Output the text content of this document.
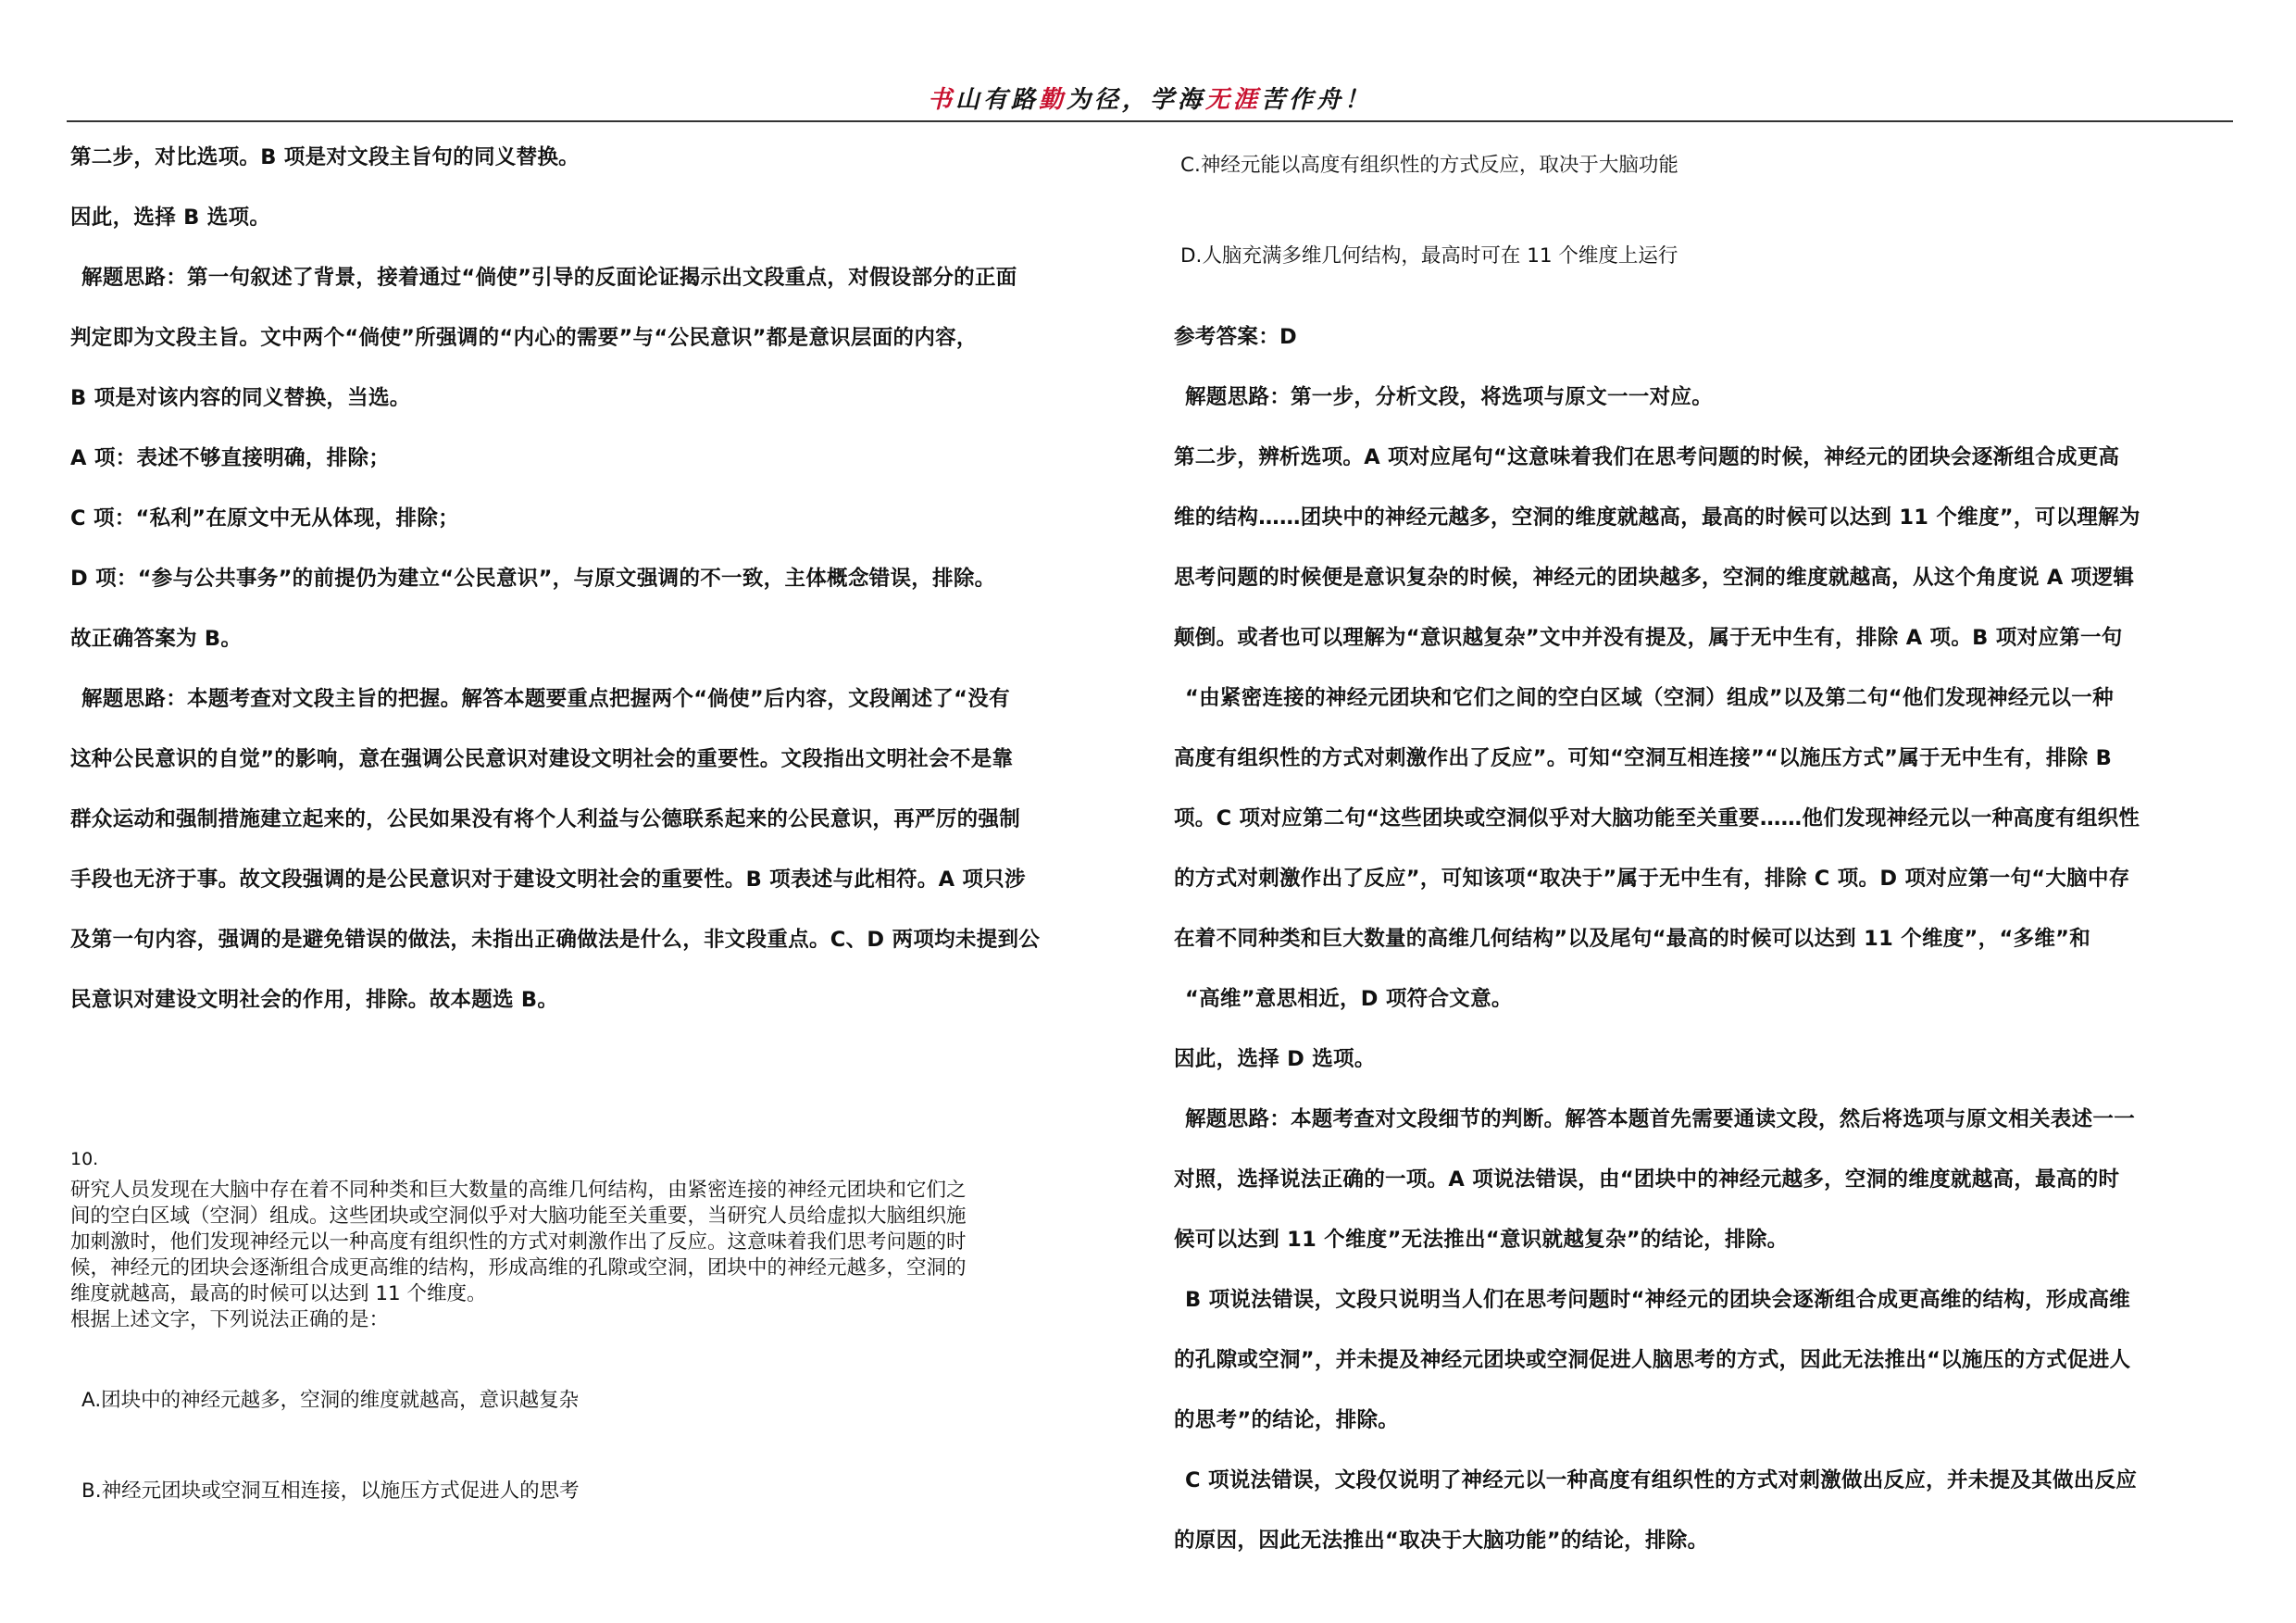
书山有路勤为径，学海无涯苦作舟！

第二步，对比选项。B 项是对文段主旨句的同义替换。

因此，选择 B 选项。

解题思路：第一句叙述了背景，接着通过“倘使”引导的反面论证揭示出文段重点，对假设部分的正面

判定即为文段主旨。文中两个“倘使”所强调的“内心的需要”与“公民意识”都是意识层面的内容，

B 项是对该内容的同义替换，当选。

A 项：表述不够直接明确，排除；

C 项：“私利”在原文中无从体现，排除；

D 项：“参与公共事务”的前提仍为建立“公民意识”，与原文强调的不一致，主体概念错误，排除。

故正确答案为 B。

解题思路：本题考查对文段主旨的把握。解答本题要重点把握两个“倘使”后内容，文段阐述了“没有

这种公民意识的自觉”的影响，意在强调公民意识对建设文明社会的重要性。文段指出文明社会不是靠

群众运动和强制措施建立起来的，公民如果没有将个人利益与公德联系起来的公民意识，再严厉的强制

手段也无济于事。故文段强调的是公民意识对于建设文明社会的重要性。B 项表述与此相符。A 项只涉

及第一句内容，强调的是避免错误的做法，未指出正确做法是什么，非文段重点。C、D 两项均未提到公

民意识对建设文明社会的作用，排除。故本题选 B。

10.

研究人员发现在大脑中存在着不同种类和巨大数量的高维几何结构，由紧密连接的神经元团块和它们之

间的空白区域（空洞）组成。这些团块或空洞似乎对大脑功能至关重要，当研究人员给虚拟大脑组织施

加刺激时，他们发现神经元以一种高度有组织性的方式对刺激作出了反应。这意味着我们思考问题的时

候，神经元的团块会逐渐组合成更高维的结构，形成高维的孔隙或空洞，团块中的神经元越多，空洞的

维度就越高，最高的时候可以达到 11 个维度。

根据上述文字，下列说法正确的是：

A.团块中的神经元越多，空洞的维度就越高，意识越复杂
B.神经元团块或空洞互相连接，以施压方式促进人的思考

C.神经元能以高度有组织性的方式反应，取决于大脑功能

D.人脑充满多维几何结构，最高时可在 11 个维度上运行

参考答案：D

解题思路：第一步，分析文段，将选项与原文一一对应。

第二步，辨析选项。A 项对应尾句“这意味着我们在思考问题的时候，神经元的团块会逐渐组合成更高

维的结构……团块中的神经元越多，空洞的维度就越高，最高的时候可以达到 11 个维度”，可以理解为

思考问题的时候便是意识复杂的时候，神经元的团块越多，空洞的维度就越高，从这个角度说 A 项逻辑

颠倒。或者也可以理解为“意识越复杂”文中并没有提及，属于无中生有，排除 A 项。B 项对应第一句

“由紧密连接的神经元团块和它们之间的空白区域（空洞）组成”以及第二句“他们发现神经元以一种

高度有组织性的方式对刺激作出了反应”。可知“空洞互相连接”“以施压方式”属于无中生有，排除 B

项。C 项对应第二句“这些团块或空洞似乎对大脑功能至关重要……他们发现神经元以一种高度有组织性

的方式对刺激作出了反应”，可知该项“取决于”属于无中生有，排除 C 项。D 项对应第一句“大脑中存

在着不同种类和巨大数量的高维几何结构”以及尾句“最高的时候可以达到 11 个维度”，“多维”和

“高维”意思相近，D 项符合文意。

因此，选择 D 选项。

解题思路：本题考查对文段细节的判断。解答本题首先需要通读文段，然后将选项与原文相关表述一一

对照，选择说法正确的一项。A 项说法错误，由“团块中的神经元越多，空洞的维度就越高，最高的时

候可以达到 11 个维度”无法推出“意识就越复杂”的结论，排除。

B 项说法错误，文段只说明当人们在思考问题时“神经元的团块会逐渐组合成更高维的结构，形成高维

的孔隙或空洞”，并未提及神经元团块或空洞促进人脑思考的方式，因此无法推出“以施压的方式促进人

的思考”的结论，排除。

C 项说法错误，文段仅说明了神经元以一种高度有组织性的方式对刺激做出反应，并未提及其做出反应

的原因，因此无法推出“取决于大脑功能”的结论，排除。
